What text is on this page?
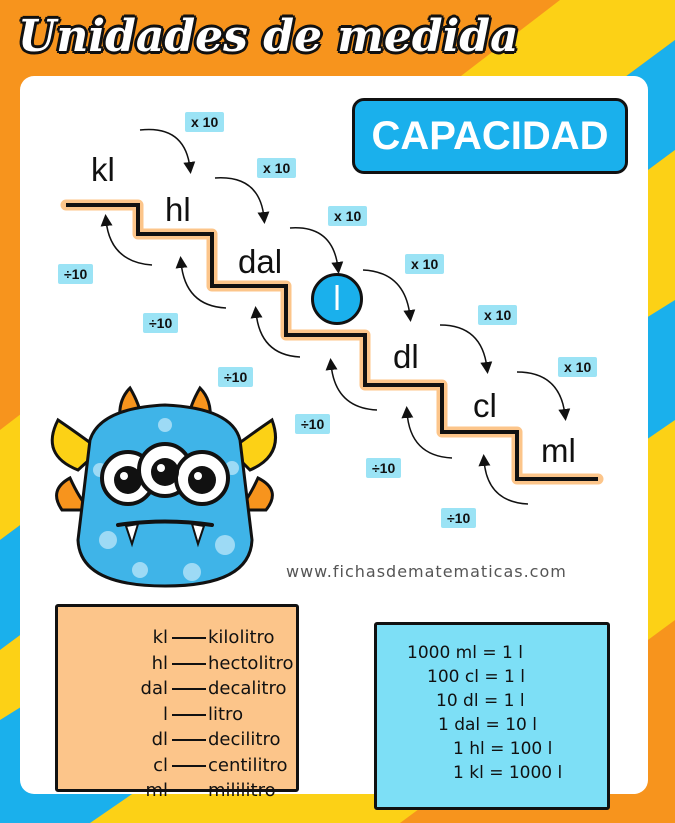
Unidades de medida
CAPACIDAD
kl
hl
dal
l
dl
cl
ml
x 10
x 10
x 10
x 10
x 10
x 10
÷10
÷10
÷10
÷10
÷10
÷10
www.fichasdematematicas.com
kl	kilolitro
hl	hectolitro
dal	decalitro
l	litro
dl	decilitro
cl	centilitro
ml	mililitro
1000 ml = 1 l
100 cl = 1 l
10 dl = 1 l
1 dal = 10 l
1 hl = 100 l
1 kl = 1000 l
